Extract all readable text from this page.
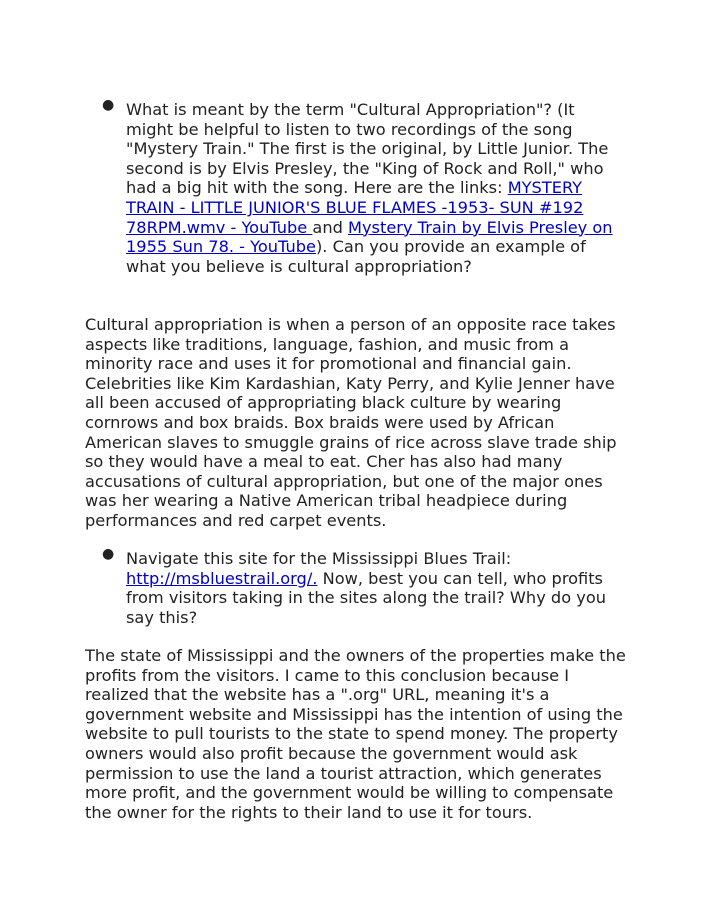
● What is meant by the term "Cultural Appropriation"? (It might be helpful to listen to two recordings of the song "Mystery Train." The first is the original, by Little Junior. The second is by Elvis Presley, the "King of Rock and Roll," who had a big hit with the song. Here are the links: MYSTERY TRAIN - LITTLE JUNIOR'S BLUE FLAMES -1953- SUN #192 78RPM.wmv - YouTube and Mystery Train by Elvis Presley on 1955 Sun 78. - YouTube). Can you provide an example of what you believe is cultural appropriation?

Cultural appropriation is when a person of an opposite race takes aspects like traditions, language, fashion, and music from a minority race and uses it for promotional and financial gain. Celebrities like Kim Kardashian, Katy Perry, and Kylie Jenner have all been accused of appropriating black culture by wearing cornrows and box braids. Box braids were used by African American slaves to smuggle grains of rice across slave trade ship so they would have a meal to eat. Cher has also had many accusations of cultural appropriation, but one of the major ones was her wearing a Native American tribal headpiece during performances and red carpet events.

● Navigate this site for the Mississippi Blues Trail: http://msbluestrail.org/. Now, best you can tell, who profits from visitors taking in the sites along the trail? Why do you say this?

The state of Mississippi and the owners of the properties make the profits from the visitors. I came to this conclusion because I realized that the website has a ".org" URL, meaning it's a government website and Mississippi has the intention of using the website to pull tourists to the state to spend money. The property owners would also profit because the government would ask permission to use the land a tourist attraction, which generates more profit, and the government would be willing to compensate the owner for the rights to their land to use it for tours.
